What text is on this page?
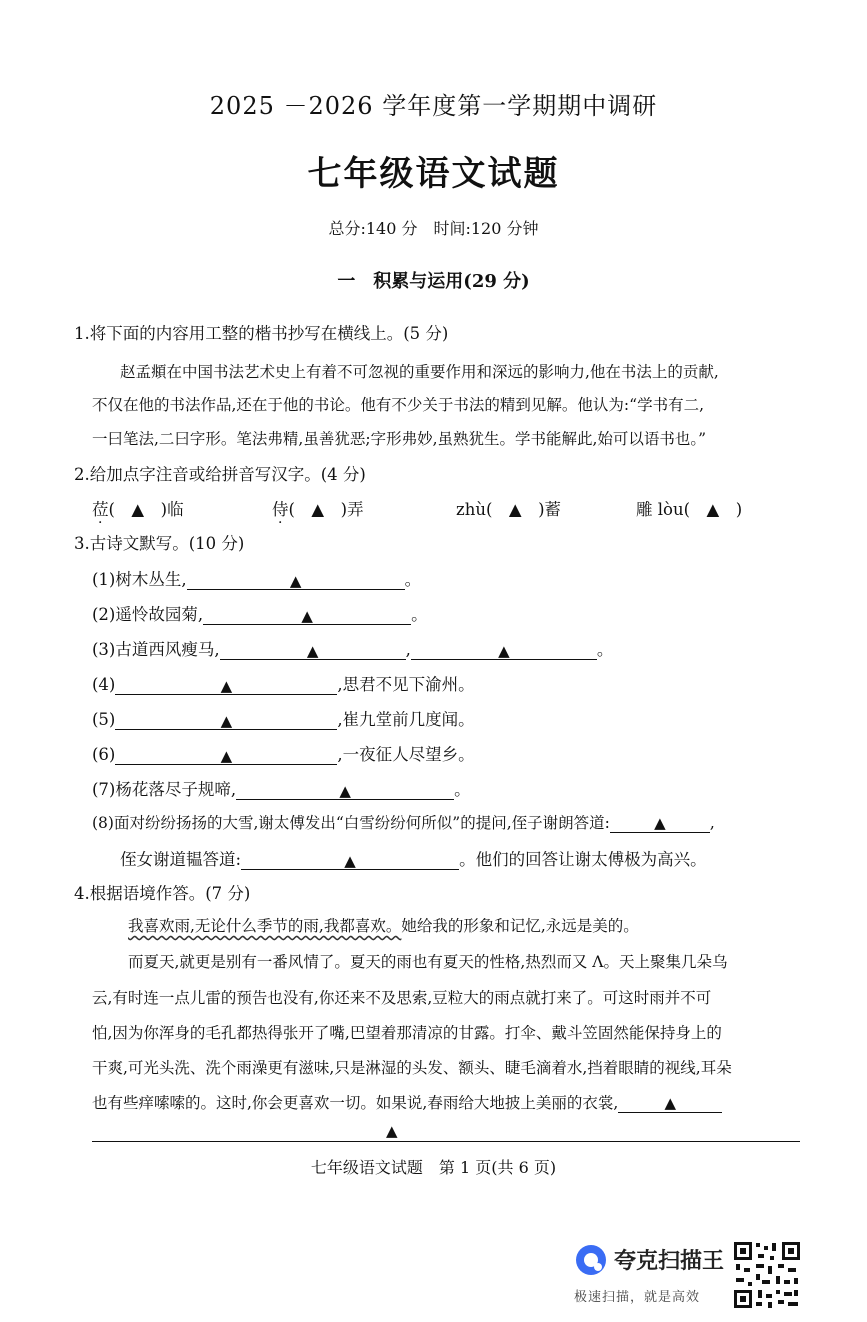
2025 －2026 学年度第一学期期中调研
七年级语文试题
总分:140 分　时间:120 分钟
一　积累与运用(29 分)
1.将下面的内容用工整的楷书抄写在横线上。(5 分)
赵孟頫在中国书法艺术史上有着不可忽视的重要作用和深远的影响力,他在书法上的贡献,
不仅在他的书法作品,还在于他的书论。他有不少关于书法的精到见解。他认为:“学书有二,
一曰笔法,二曰字形。笔法弗精,虽善犹恶;字形弗妙,虽熟犹生。学书能解此,始可以语书也。”
2.给加点字注音或给拼音写汉字。(4 分)
莅(　▲　)临	侍(　▲　)弄	zhù(　▲　)蓄	雕 lòu(　▲　)
3.古诗文默写。(10 分)
(1)树木丛生,	▲	。
(2)遥怜故园菊,	▲	。
(3)古道西风瘦马,	▲	,	▲	。
(4)	▲	,思君不见下渝州。
(5)	▲	,崔九堂前几度闻。
(6)	▲	,一夜征人尽望乡。
(7)杨花落尽子规啼,	▲	。
(8)面对纷纷扬扬的大雪,谢太傅发出“白雪纷纷何所似”的提问,侄子谢朗答道:	▲	,
侄女谢道韫答道:	▲	。他们的回答让谢太傅极为高兴。
4.根据语境作答。(7 分)
我喜欢雨,无论什么季节的雨,我都喜欢。她给我的形象和记忆,永远是美的。
而夏天,就更是别有一番风情了。夏天的雨也有夏天的性格,热烈而又 Λ。天上聚集几朵乌
云,有时连一点儿雷的预告也没有,你还来不及思索,豆粒大的雨点就打来了。可这时雨并不可
怕,因为你浑身的毛孔都热得张开了嘴,巴望着那清凉的甘露。打伞、戴斗笠固然能保持身上的
干爽,可光头洗、洗个雨澡更有滋味,只是淋湿的头发、额头、睫毛滴着水,挡着眼睛的视线,耳朵
也有些痒嗦嗦的。这时,你会更喜欢一切。如果说,春雨给大地披上美丽的衣裳,	▲
▲
七年级语文试题　第 1 页(共 6 页)
夸克扫描王
极速扫描，就是高效
